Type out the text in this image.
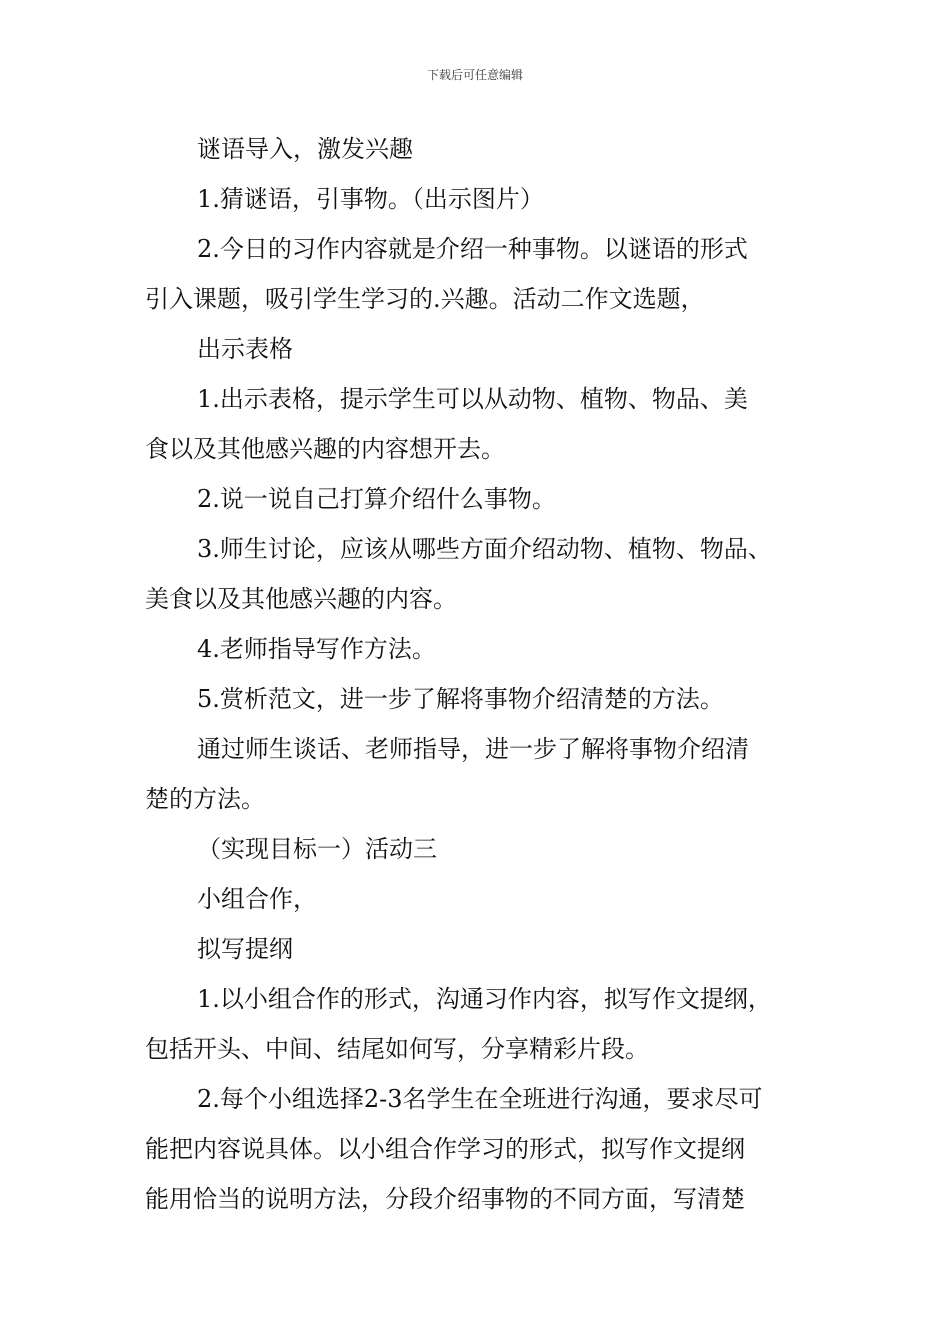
下载后可任意编辑
谜语导入，激发兴趣
1.猜谜语，引事物。（出示图片）
2.今日的习作内容就是介绍一种事物。以谜语的形式
引入课题，吸引学生学习的.兴趣。活动二作文选题，
出示表格
1.出示表格，提示学生可以从动物、植物、物品、美
食以及其他感兴趣的内容想开去。
2.说一说自己打算介绍什么事物。
3.师生讨论，应该从哪些方面介绍动物、植物、物品、
美食以及其他感兴趣的内容。
4.老师指导写作方法。
5.赏析范文，进一步了解将事物介绍清楚的方法。
通过师生谈话、老师指导，进一步了解将事物介绍清
楚的方法。
（实现目标一）活动三
小组合作，
拟写提纲
1.以小组合作的形式，沟通习作内容，拟写作文提纲，
包括开头、中间、结尾如何写，分享精彩片段。
2.每个小组选择2-3名学生在全班进行沟通，要求尽可
能把内容说具体。以小组合作学习的形式，拟写作文提纲
能用恰当的说明方法，分段介绍事物的不同方面，写清楚
